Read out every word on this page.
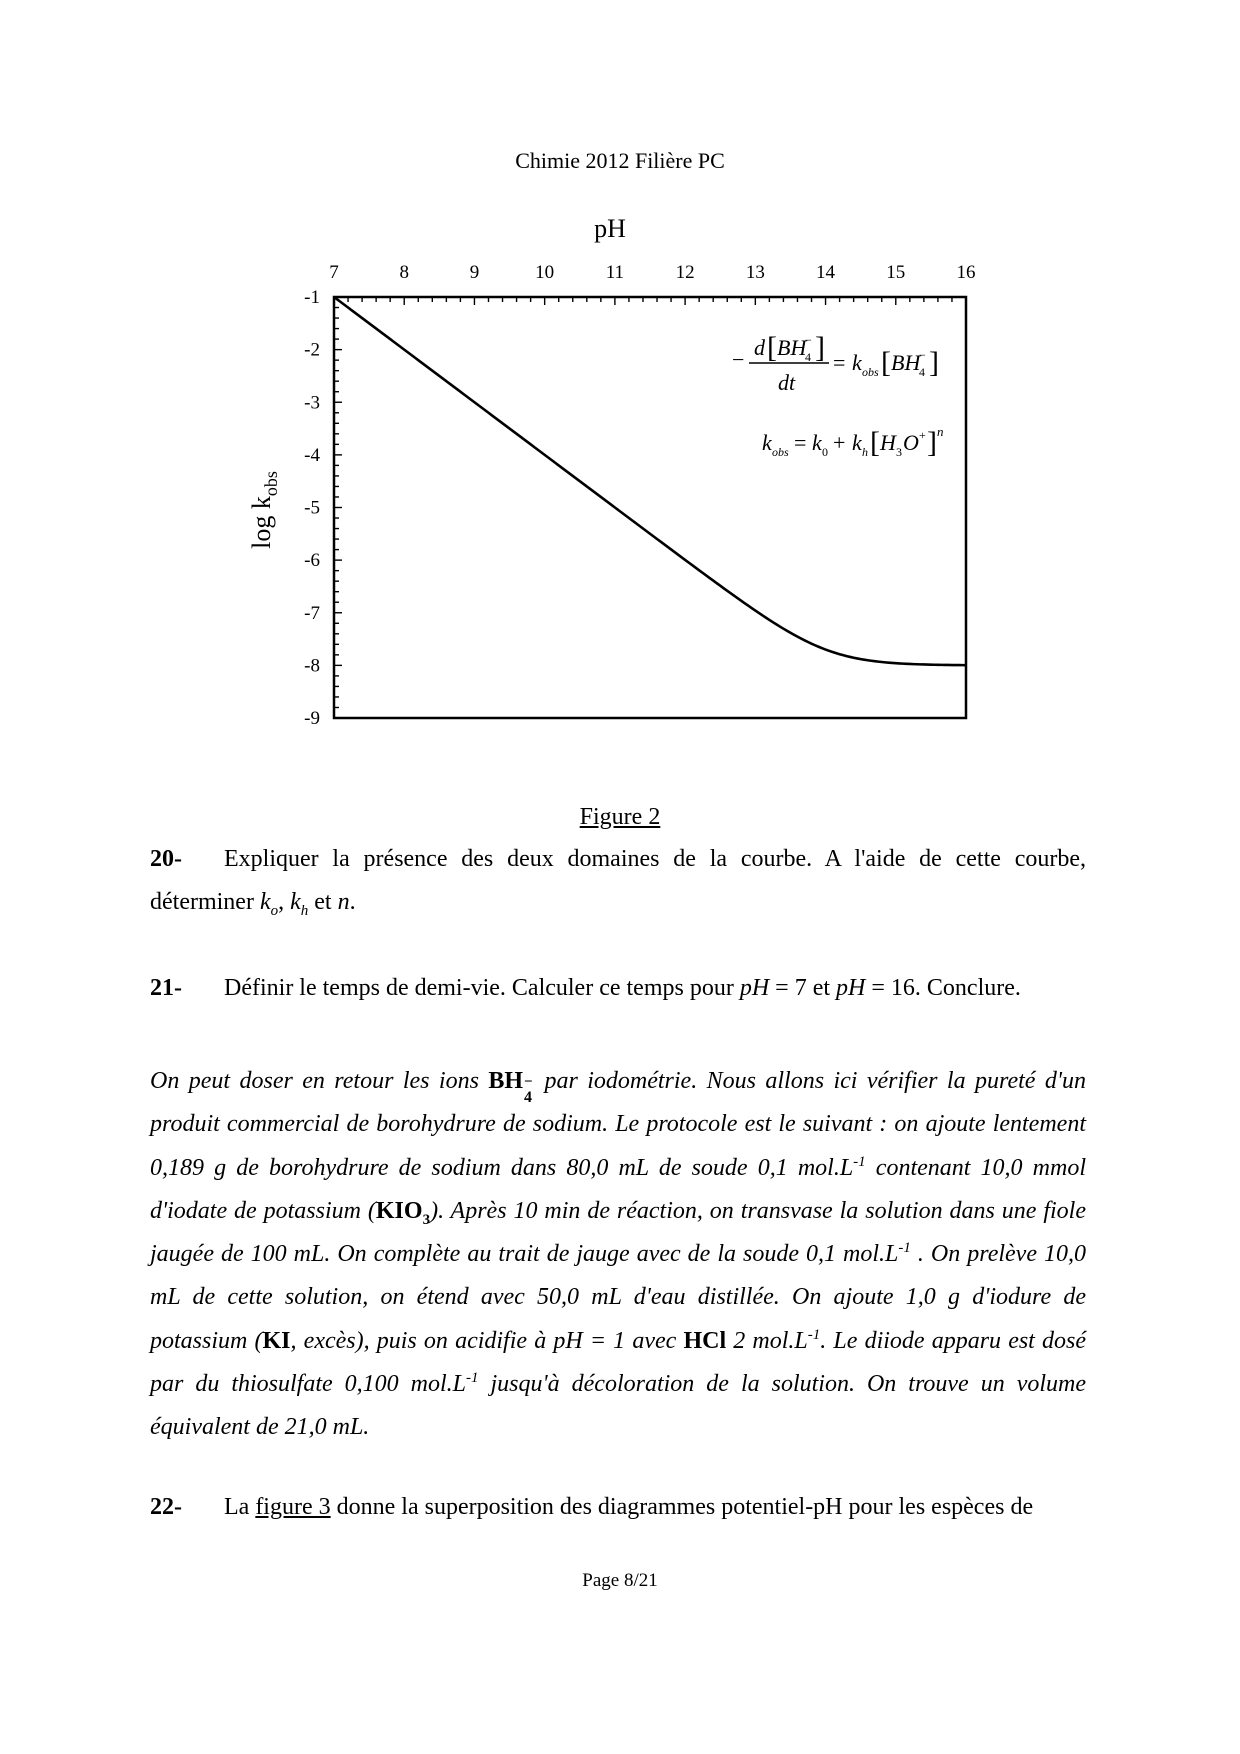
Chimie 2012 Filière PC
7	8	9	10	11	12	13	14	15	16
-1
-2
-3
-4
-5
-6
-7
-8
-9
pH
$\log k_{obs}$
− d [ BH
4
− ]
dt
= k obs [ BH
4
− ]
k obs = k 0 + k h [ H 3 O + ] n
Figure 2
20- Expliquer la présence des deux domaines de la courbe. A l'aide de cette courbe, déterminer $k_o$, $k_h$ et n.
21- Définir le temps de demi-vie. Calculer ce temps pour pH = 7 et pH = 16. Conclure.
On peut doser en retour les ions BH −
4
par iodométrie. Nous allons ici vérifier la pureté d'un produit commercial de borohydrure de sodium. Le protocole est le suivant : on ajoute lentement 0,189 g de borohydrure de sodium dans 80,0 mL de soude 0,1 $mol.L^{-1}$ contenant 10,0 mmol d'iodate de potassium $(KIO_3)$. Après 10 min de réaction, on transvase la solution dans une fiole jaugée de 100 mL. On complète au trait de jauge avec de la soude 0,1 $mol.L^{-1}$ . On prelève 10,0 mL de cette solution, on étend avec 50,0 mL d'eau distillée. On ajoute 1,0 g d'iodure de potassium (KI, excès), puis on acidifie à pH = 1 avec HCl 2 $mol.L^{-1}$. Le diiode apparu est dosé par du thiosulfate 0,100 $mol.L^{-1}$ jusqu'à décoloration de la solution. On trouve un volume équivalent de 21,0 mL.
22- La figure 3 donne la superposition des diagrammes potentiel-pH pour les espèces de
Page 8/21
